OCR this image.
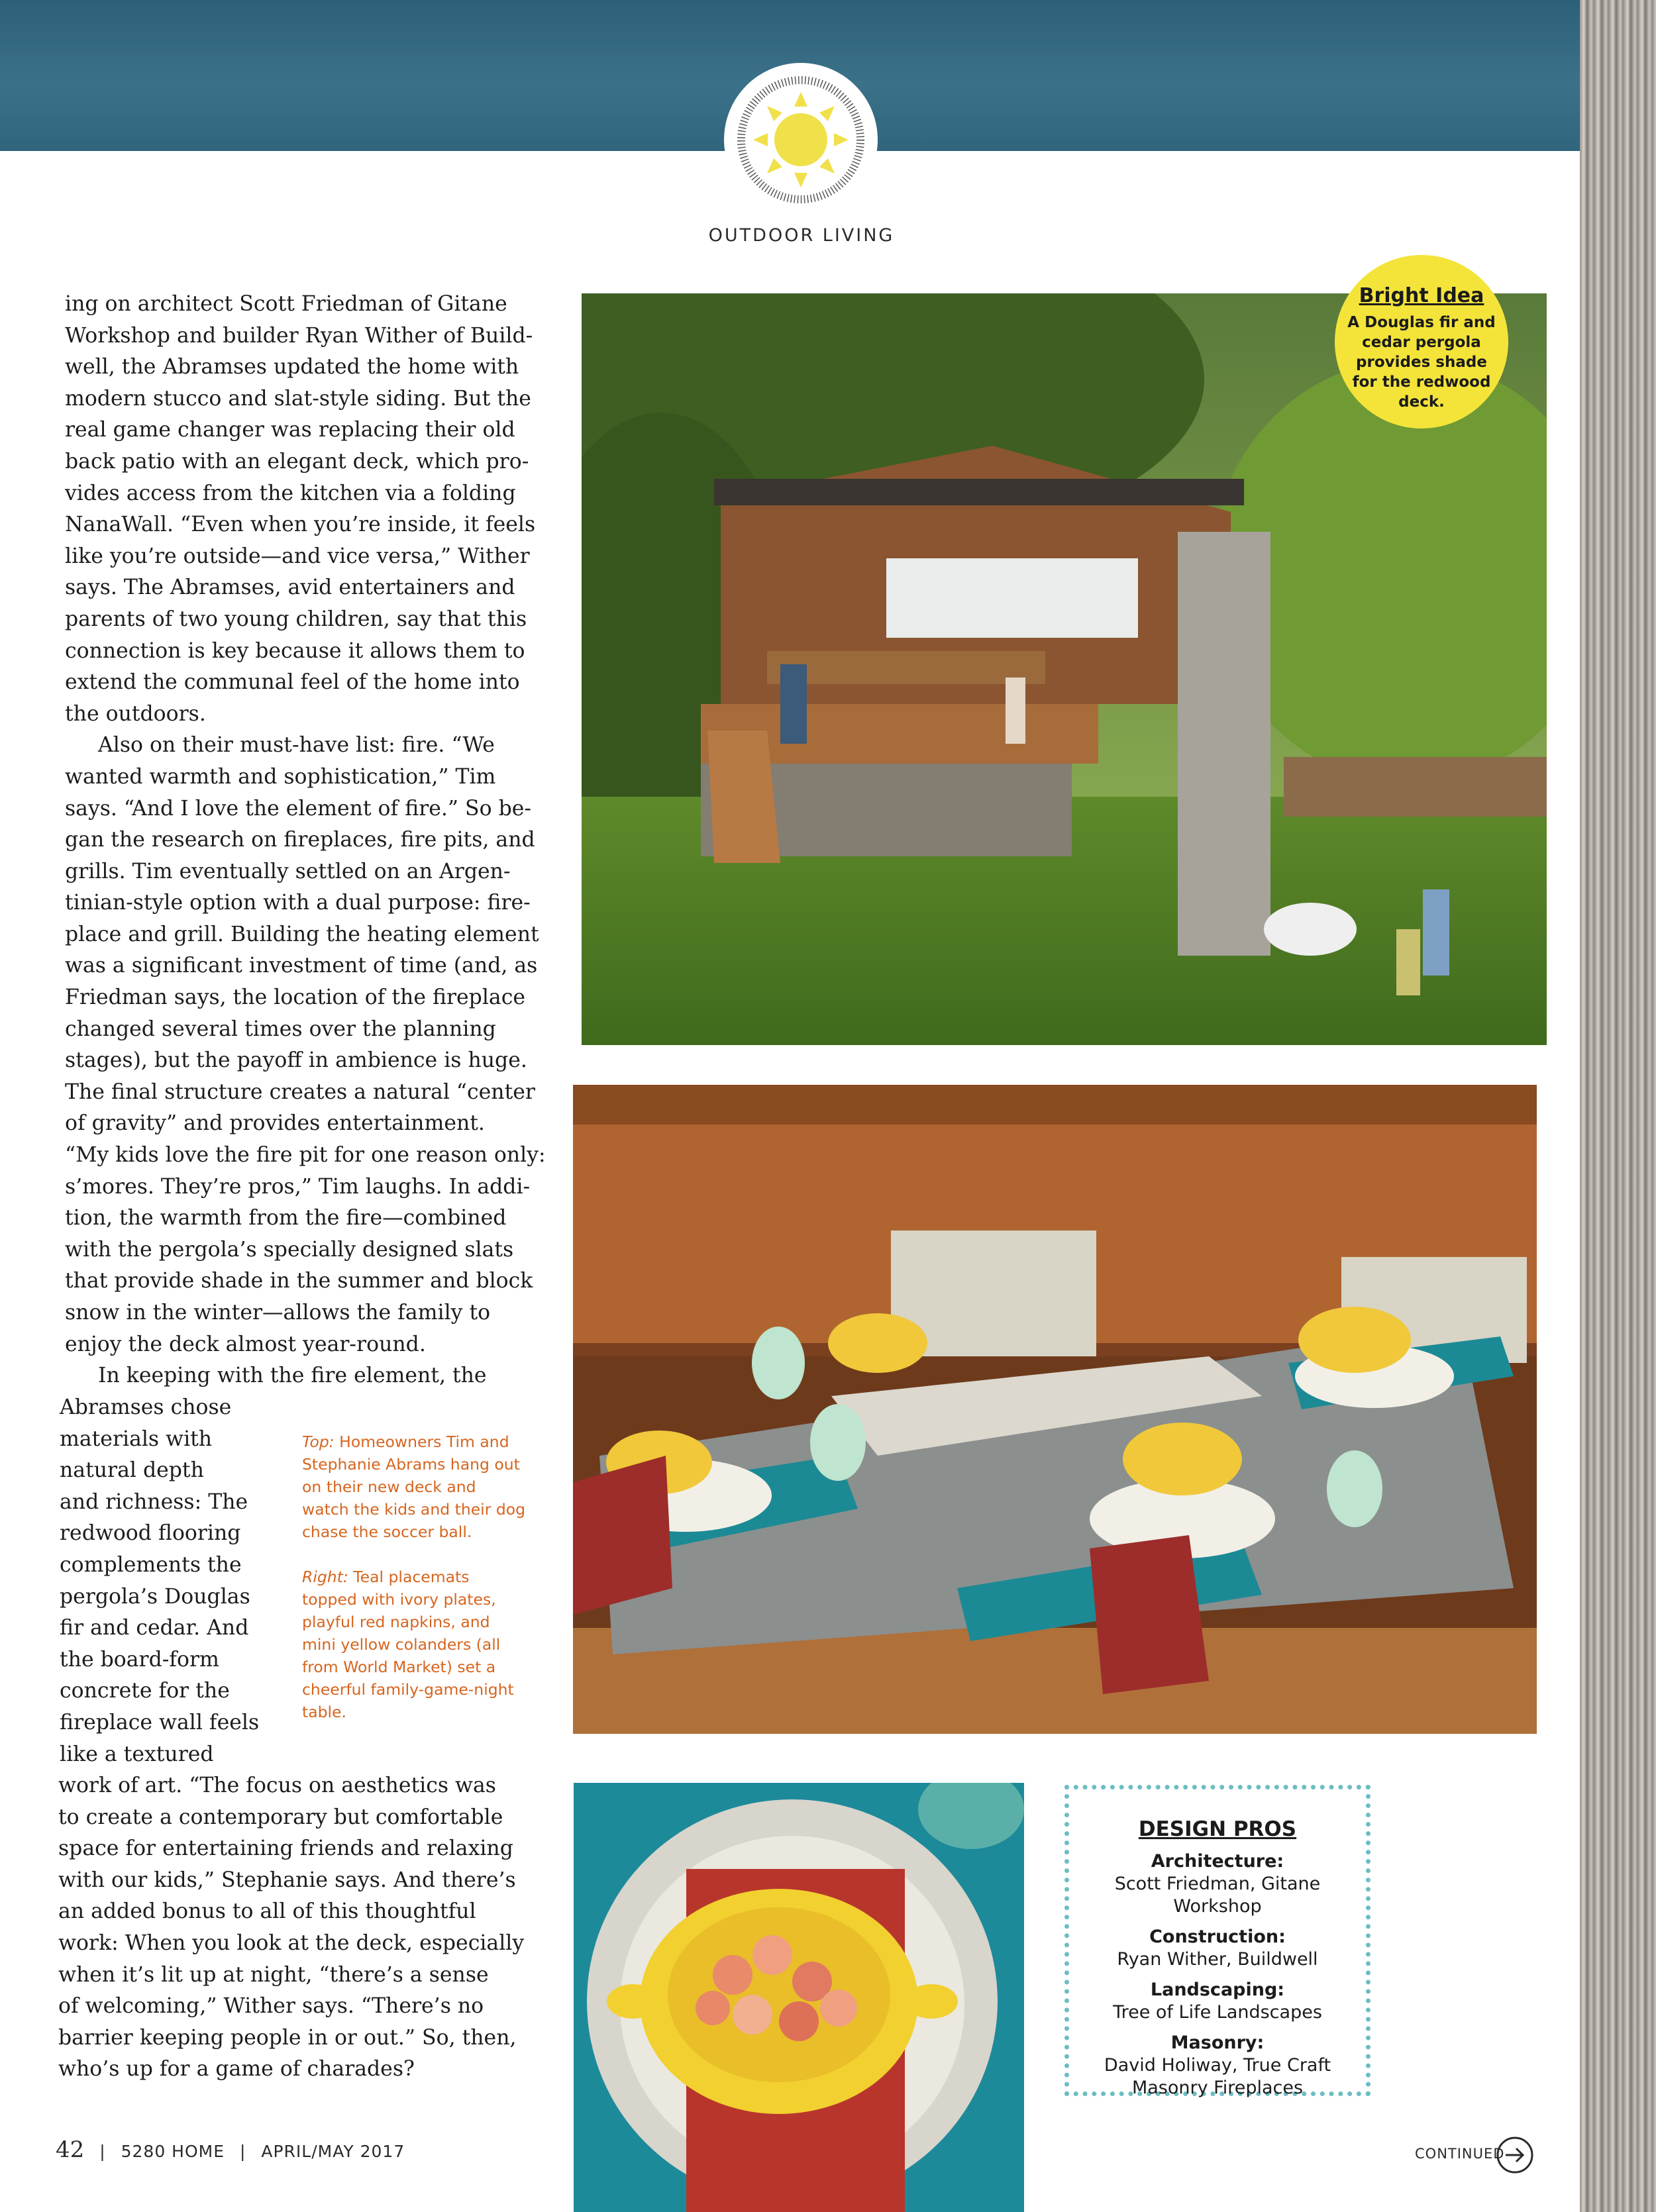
OUTDOOR LIVING

ing on architect Scott Friedman of Gitane

Workshop and builder Ryan Wither of Build-

well, the Abramses updated the home with

modern stucco and slat-style siding. But the

real game changer was replacing their old

back patio with an elegant deck, which pro-

vides access from the kitchen via a folding

NanaWall. “Even when you’re inside, it feels

like you’re outside—and vice versa,” Wither

says. The Abramses, avid entertainers and

parents of two young children, say that this

connection is key because it allows them to

extend the communal feel of the home into

the outdoors.

Also on their must-have list: fire. “We

wanted warmth and sophistication,” Tim

says. “And I love the element of fire.” So be-

gan the research on fireplaces, fire pits, and

grills. Tim eventually settled on an Argen-

tinian-style option with a dual purpose: fire-

place and grill. Building the heating element

was a significant investment of time (and, as

Friedman says, the location of the fireplace

changed several times over the planning

stages), but the payoff in ambience is huge.

The final structure creates a natural “center

of gravity” and provides entertainment.

“My kids love the fire pit for one reason only:

s’mores. They’re pros,” Tim laughs. In addi-

tion, the warmth from the fire—combined

with the pergola’s specially designed slats

that provide shade in the summer and block

snow in the winter—allows the family to

enjoy the deck almost year-round.

In keeping with the fire element, the

Abramses chose

materials with

natural depth

and richness: The

redwood flooring

complements the

pergola’s Douglas

fir and cedar. And

the board-form

concrete for the

fireplace wall feels

like a textured

work of art. “The focus on aesthetics was

to create a contemporary but comfortable

space for entertaining friends and relaxing

with our kids,” Stephanie says. And there’s

an added bonus to all of this thoughtful

work: When you look at the deck, especially

when it’s lit up at night, “there’s a sense

of welcoming,” Wither says. “There’s no

barrier keeping people in or out.” So, then,

who’s up for a game of charades?

Top: Homeowners Tim and Stephanie Abrams hang out on their new deck and watch the kids and their dog chase the soccer ball.

Right: Teal placemats topped with ivory plates, playful red napkins, and mini yellow colanders (all from World Market) set a cheerful family-game-night table.

Bright Idea
A Douglas fir and cedar pergola provides shade for the redwood deck.
DESIGN PROS
Architecture:
Scott Friedman, Gitane Workshop
Construction:
Ryan Wither, Buildwell
Landscaping:
Tree of Life Landscapes
Masonry:
David Holiway, True Craft Masonry Fireplaces
42 | 5280 HOME | APRIL/MAY 2017	CONTINUED
